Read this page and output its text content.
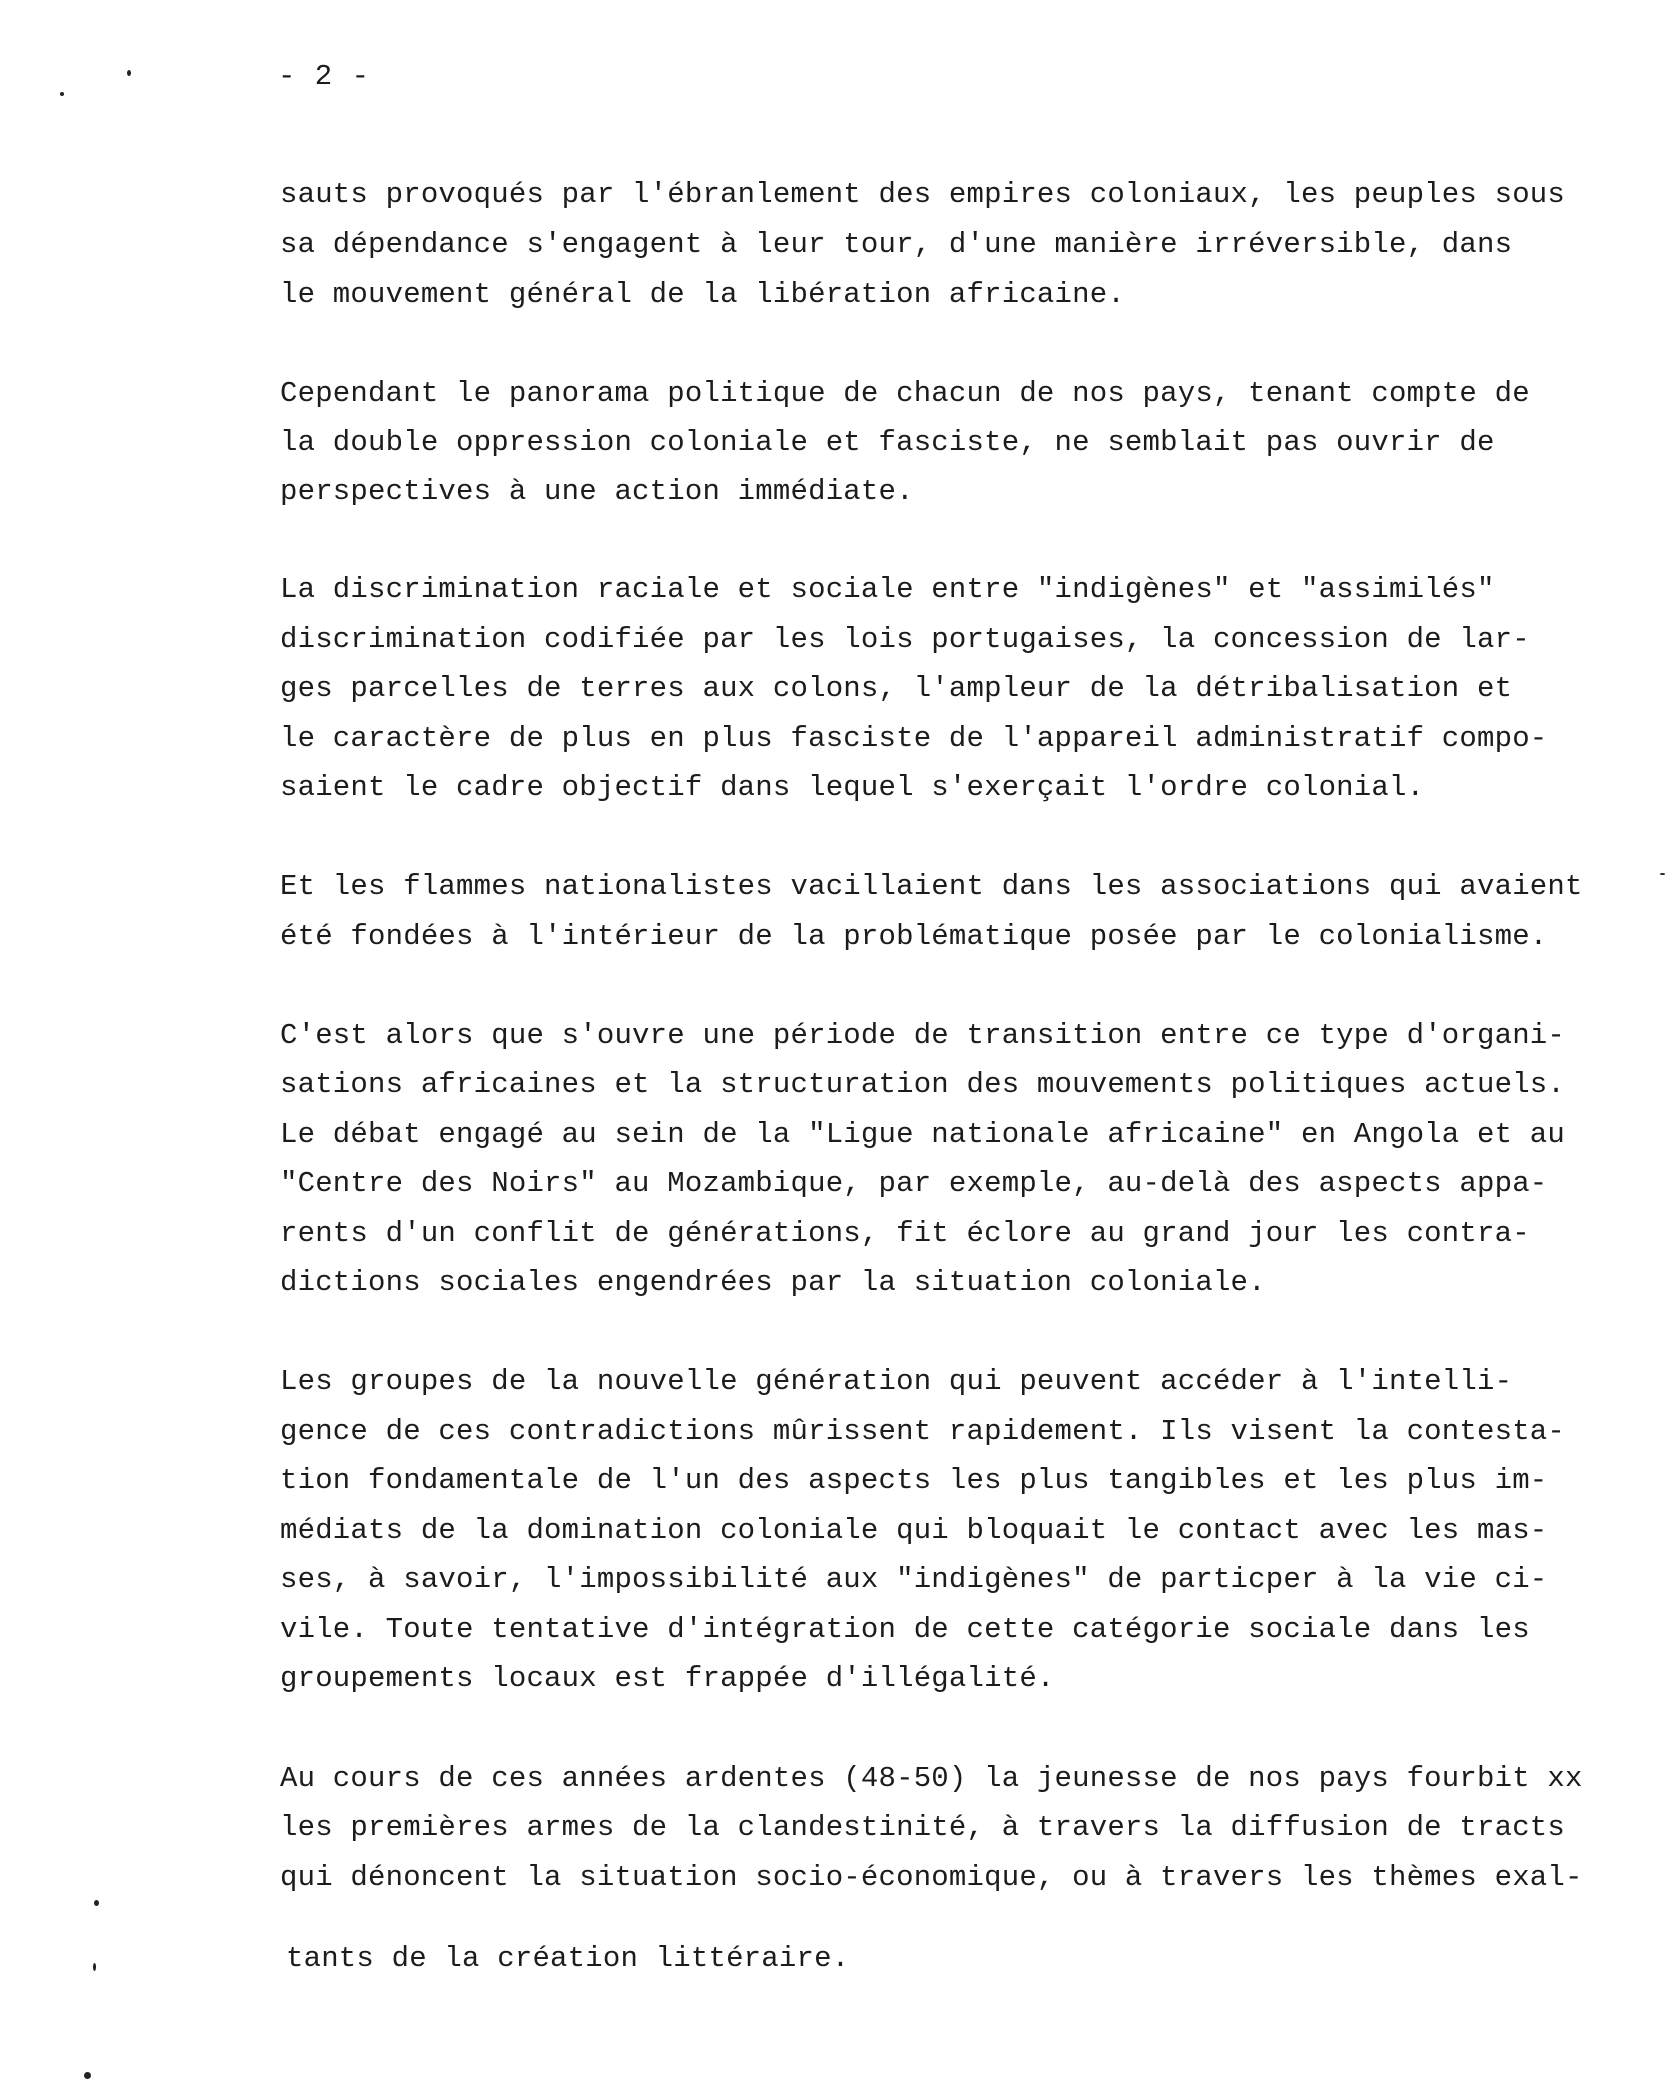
- 2 -
sauts provoqués par l'ébranlement des empires coloniaux, les peuples sous
sa dépendance s'engagent à leur tour, d'une manière irréversible, dans
le mouvement général de la libération africaine.
Cependant le panorama politique de chacun de nos pays, tenant compte de
la double oppression coloniale et fasciste, ne semblait pas ouvrir de
perspectives à une action immédiate.
La discrimination raciale et sociale entre "indigènes" et "assimilés"
discrimination codifiée par les lois portugaises, la concession de lar-
ges parcelles de terres aux colons, l'ampleur de la détribalisation et
le caractère de plus en plus fasciste de l'appareil administratif compo-
saient le cadre objectif dans lequel s'exerçait l'ordre colonial.
Et les flammes nationalistes vacillaient dans les associations qui avaient
été fondées à l'intérieur de la problématique posée par le colonialisme.
C'est alors que s'ouvre une période de transition entre ce type d'organi-
sations africaines et la structuration des mouvements politiques actuels.
Le débat engagé au sein de la "Ligue nationale africaine" en Angola et au
"Centre des Noirs" au Mozambique, par exemple, au-delà des aspects appa-
rents d'un conflit de générations, fit éclore au grand jour les contra-
dictions sociales engendrées par la situation coloniale.
Les groupes de la nouvelle génération qui peuvent accéder à l'intelli-
gence de ces contradictions mûrissent rapidement. Ils visent la contesta-
tion fondamentale de l'un des aspects les plus tangibles et les plus im-
médiats de la domination coloniale qui bloquait le contact avec les mas-
ses, à savoir, l'impossibilité aux "indigènes" de particper à la vie ci-
vile. Toute tentative d'intégration de cette catégorie sociale dans les
groupements locaux est frappée d'illégalité.
Au cours de ces années ardentes (48-50) la jeunesse de nos pays fourbit xx
les premières armes de la clandestinité, à travers la diffusion de tracts
qui dénoncent la situation socio-économique, ou à travers les thèmes exal-
tants de la création littéraire.
